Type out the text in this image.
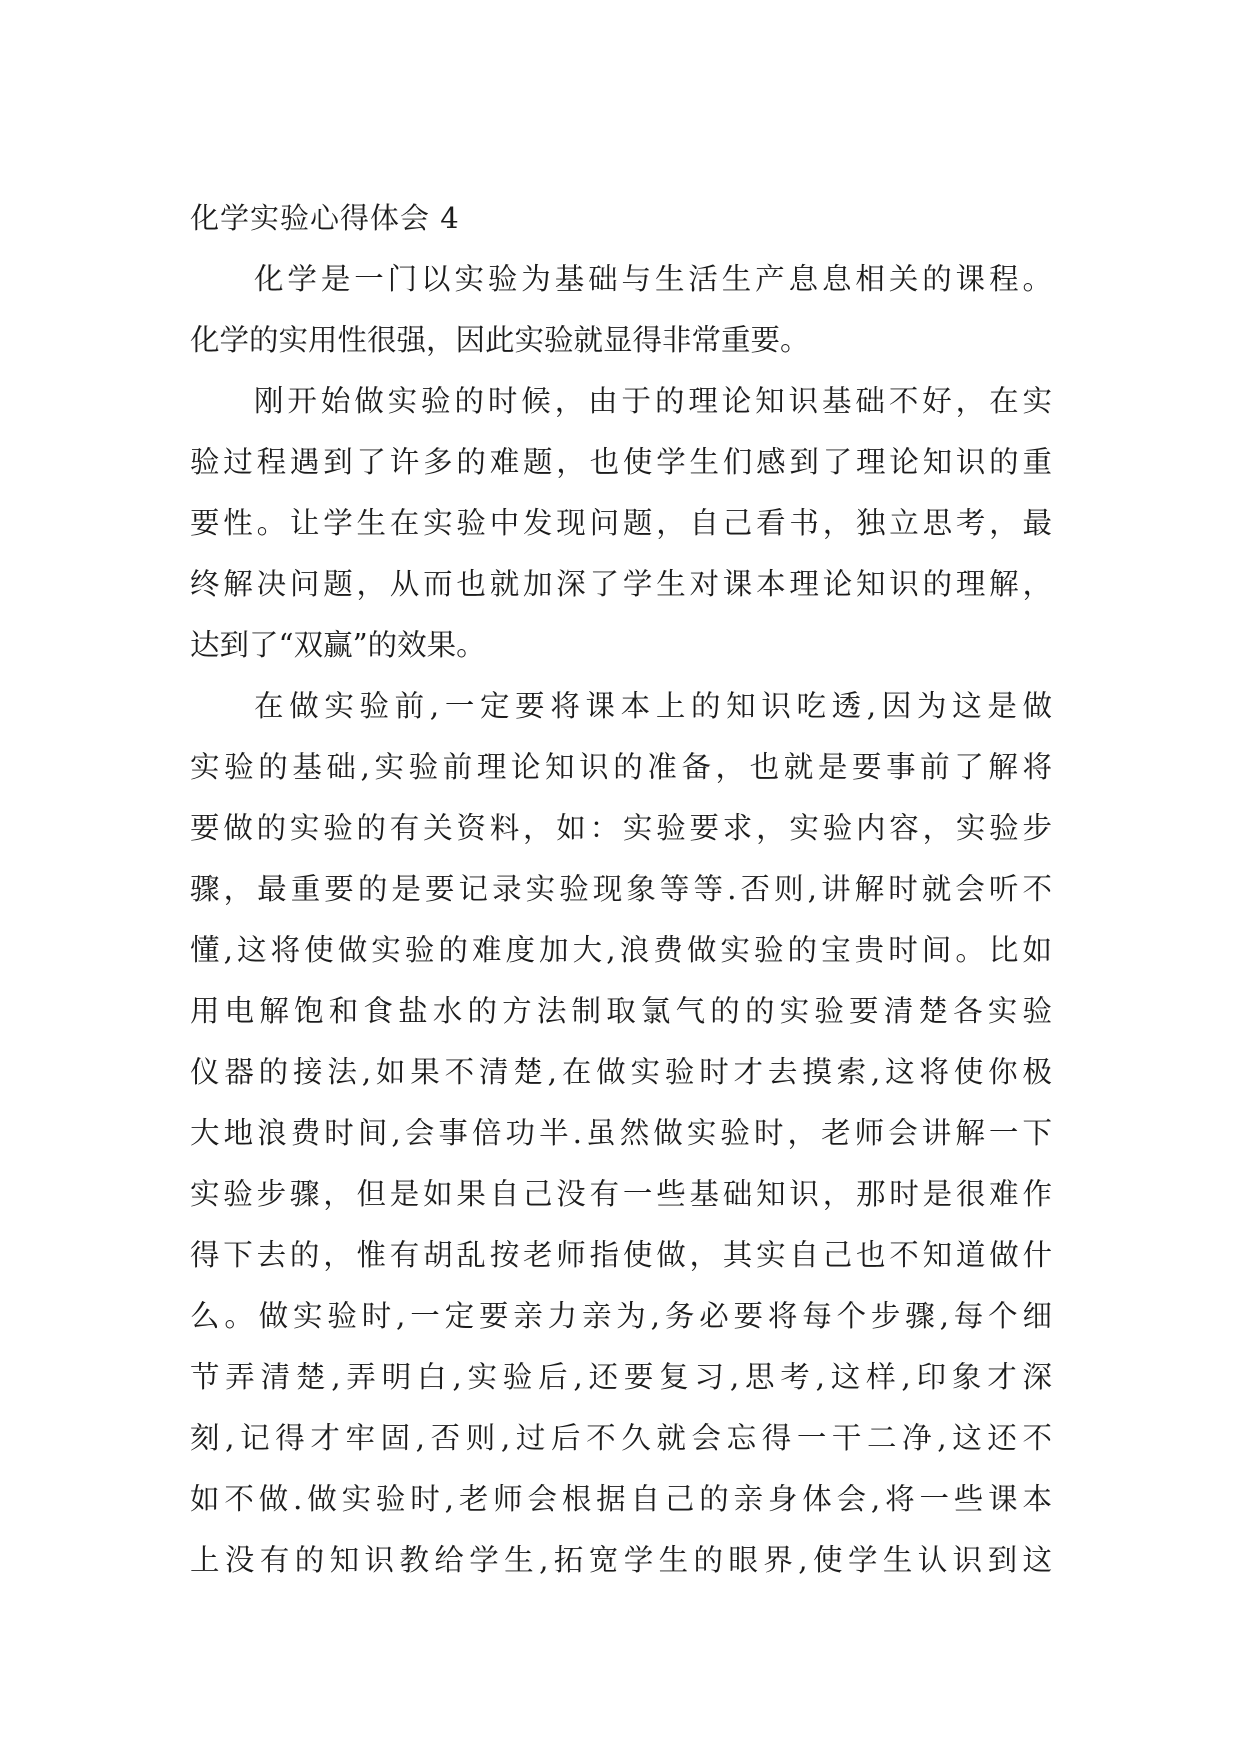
化学实验心得体会 4
化学是一门以实验为基础与生活生产息息相关的课程。
化学的实用性很强，因此实验就显得非常重要。
刚开始做实验的时候，由于的理论知识基础不好，在实
验过程遇到了许多的难题，也使学生们感到了理论知识的重
要性。让学生在实验中发现问题，自己看书，独立思考，最
终解决问题，从而也就加深了学生对课本理论知识的理解，
达到了“双赢”的效果。
在做实验前,一定要将课本上的知识吃透,因为这是做
实验的基础,实验前理论知识的准备，也就是要事前了解将
要做的实验的有关资料，如：实验要求，实验内容，实验步
骤，最重要的是要记录实验现象等等.否则,讲解时就会听不
懂,这将使做实验的难度加大,浪费做实验的宝贵时间。比如
用电解饱和食盐水的方法制取氯气的的实验要清楚各实验
仪器的接法,如果不清楚,在做实验时才去摸索,这将使你极
大地浪费时间,会事倍功半.虽然做实验时，老师会讲解一下
实验步骤，但是如果自己没有一些基础知识，那时是很难作
得下去的，惟有胡乱按老师指使做，其实自己也不知道做什
么。做实验时,一定要亲力亲为,务必要将每个步骤,每个细
节弄清楚,弄明白,实验后,还要复习,思考,这样,印象才深
刻,记得才牢固,否则,过后不久就会忘得一干二净,这还不
如不做.做实验时,老师会根据自己的亲身体会,将一些课本
上没有的知识教给学生,拓宽学生的眼界,使学生认识到这
